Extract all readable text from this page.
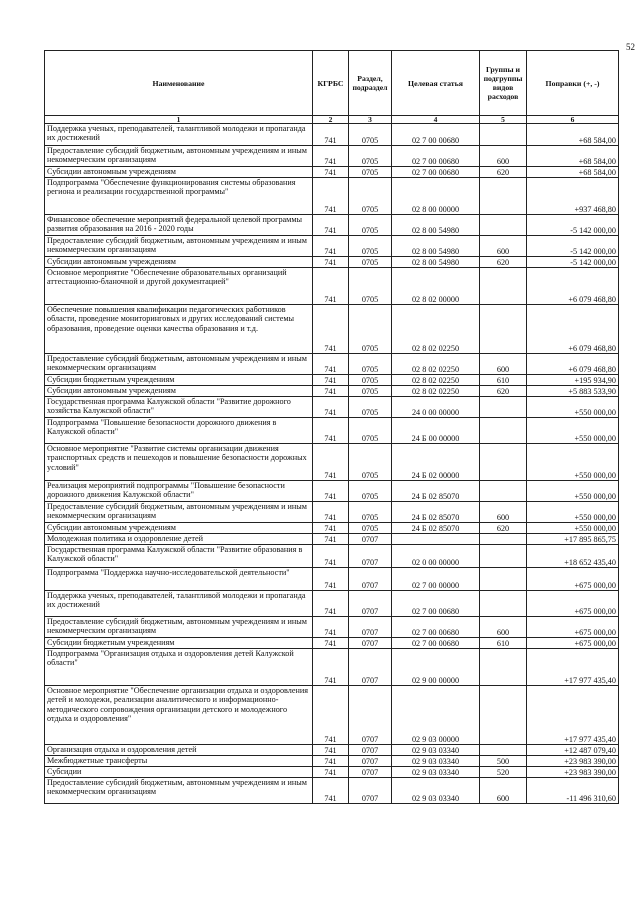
52
Наименование	КГРБС	Раздел, подраздел	Целевая статья	Группы и подгруппы видов расходов	Поправки (+, -)
1	2	3	4	5	6
Поддержка ученых, преподавателей, талантливой молодежи и пропаганда их достижений	741	0705	02 7 00 00680		+68 584,00
Предоставление субсидий бюджетным, автономным учреждениям и иным некоммерческим организациям	741	0705	02 7 00 00680	600	+68 584,00
Субсидии автономным учреждениям	741	0705	02 7 00 00680	620	+68 584,00
Подпрограмма "Обеспечение функционирования системы образования региона и реализации государственной программы"	741	0705	02 8 00 00000		+937 468,80
Финансовое обеспечение мероприятий федеральной целевой программы развития образования на 2016 - 2020 годы	741	0705	02 8 00 54980		-5 142 000,00
Предоставление субсидий бюджетным, автономным учреждениям и иным некоммерческим организациям	741	0705	02 8 00 54980	600	-5 142 000,00
Субсидии автономным учреждениям	741	0705	02 8 00 54980	620	-5 142 000,00
Основное мероприятие "Обеспечение образовательных организаций аттестационно-бланочной и другой документацией"	741	0705	02 8 02 00000		+6 079 468,80
Обеспечение повышения квалификации педагогических работников области, проведение мониторинговых и других исследований системы образования, проведение оценки качества образования и т.д.	741	0705	02 8 02 02250		+6 079 468,80
Предоставление субсидий бюджетным, автономным учреждениям и иным некоммерческим организациям	741	0705	02 8 02 02250	600	+6 079 468,80
Субсидии бюджетным учреждениям	741	0705	02 8 02 02250	610	+195 934,90
Субсидии автономным учреждениям	741	0705	02 8 02 02250	620	+5 883 533,90
Государственная программа Калужской области "Развитие дорожного хозяйства Калужской области"	741	0705	24 0 00 00000		+550 000,00
Подпрограмма "Повышение безопасности дорожного движения в Калужской области"	741	0705	24 Б 00 00000		+550 000,00
Основное мероприятие "Развитие системы организации движения транспортных средств и пешеходов и повышение безопасности дорожных условий"	741	0705	24 Б 02 00000		+550 000,00
Реализация мероприятий подпрограммы "Повышение безопасности дорожного движения Калужской области"	741	0705	24 Б 02 85070		+550 000,00
Предоставление субсидий бюджетным, автономным учреждениям и иным некоммерческим организациям	741	0705	24 Б 02 85070	600	+550 000,00
Субсидии автономным учреждениям	741	0705	24 Б 02 85070	620	+550 000,00
Молодежная политика и оздоровление детей	741	0707			+17 895 865,75
Государственная программа Калужской области "Развитие образования в Калужской области"	741	0707	02 0 00 00000		+18 652 435,40
Подпрограмма "Поддержка научно-исследовательской деятельности"	741	0707	02 7 00 00000		+675 000,00
Поддержка ученых, преподавателей, талантливой молодежи и пропаганда их достижений	741	0707	02 7 00 00680		+675 000,00
Предоставление субсидий бюджетным, автономным учреждениям и иным некоммерческим организациям	741	0707	02 7 00 00680	600	+675 000,00
Субсидии бюджетным учреждениям	741	0707	02 7 00 00680	610	+675 000,00
Подпрограмма "Организация отдыха и оздоровления детей Калужской области"	741	0707	02 9 00 00000		+17 977 435,40
Основное мероприятие "Обеспечение организации отдыха и оздоровления детей и молодежи, реализации аналитического и информационно-методического сопровождения организации детского и молодежного отдыха и оздоровления"	741	0707	02 9 03 00000		+17 977 435,40
Организация отдыха и оздоровления детей	741	0707	02 9 03 03340		+12 487 079,40
Межбюджетные трансферты	741	0707	02 9 03 03340	500	+23 983 390,00
Субсидии	741	0707	02 9 03 03340	520	+23 983 390,00
Предоставление субсидий бюджетным, автономным учреждениям и иным некоммерческим организациям	741	0707	02 9 03 03340	600	-11 496 310,60
